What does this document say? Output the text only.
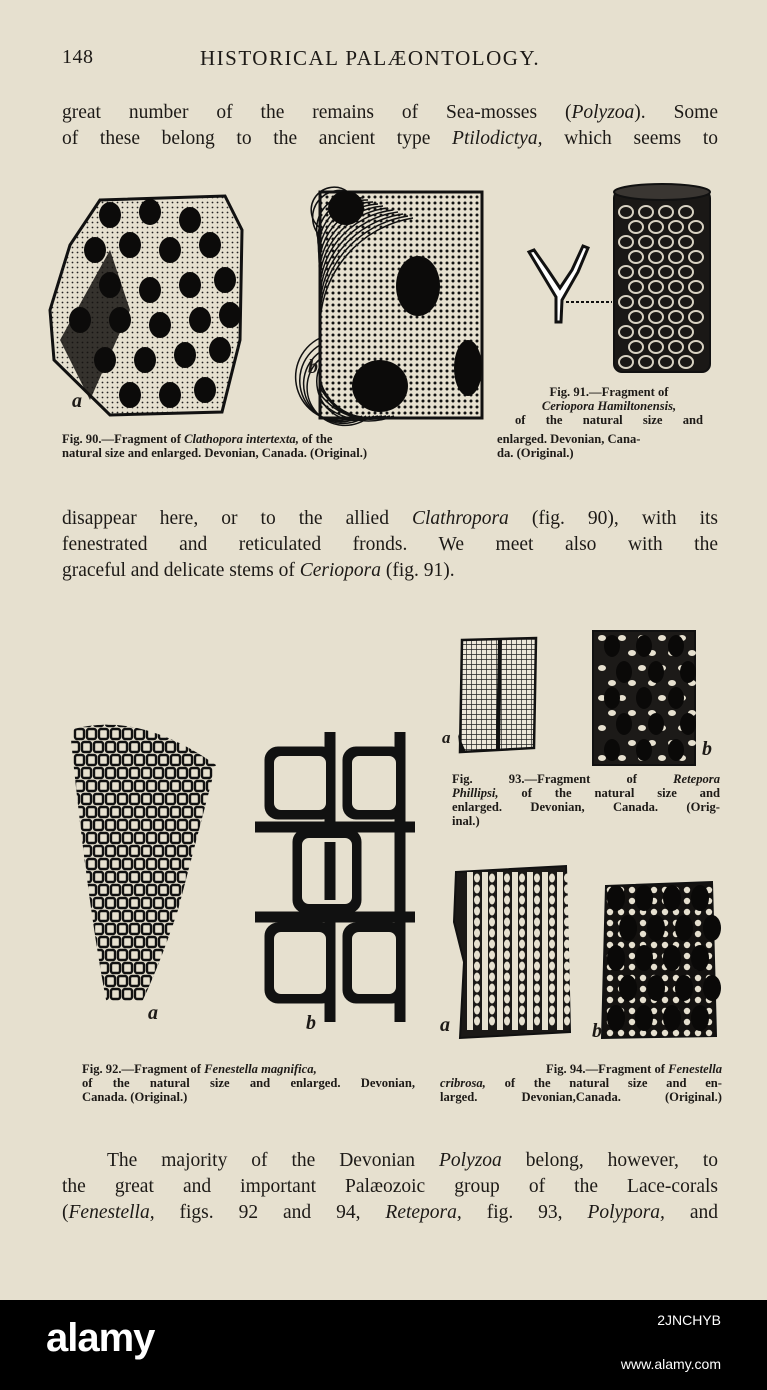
148	HISTORICAL PALÆONTOLOGY.
great number of the remains of Sea-mosses (Polyzoa). Some
of these belong to the ancient type Ptilodictya, which seems to
a
b
Fig. 91.—Fragment of
Ceriopora Hamiltonensis,
of the natural size and
Fig. 90.—Fragment of Clathopora intertexta, of the
natural size and enlarged. Devonian, Canada. (Original.)
enlarged. Devonian, Cana-
da. (Original.)
disappear here, or to the allied Clathropora (fig. 90), with its
fenestrated and reticulated fronds. We meet also with the
graceful and delicate stems of Ceriopora (fig. 91).
a	b
a
b
Fig. 93.—Fragment of Retepora
Phillipsi, of the natural size and
enlarged. Devonian, Canada. (Orig-
inal.)
a	b
Fig. 92.—Fragment of Fenestella magnifica,
of the natural size and enlarged. Devonian,
Canada. (Original.)
Fig. 94.—Fragment of Fenestella
cribrosa, of the natural size and en-
larged. Devonian,Canada. (Original.)
The majority of the Devonian Polyzoa belong, however, to
the great and important Palæozoic group of the Lace-corals
(Fenestella, figs. 92 and 94, Retepora, fig. 93, Polypora, and
alamy	2JNCHYB
www.alamy.com
